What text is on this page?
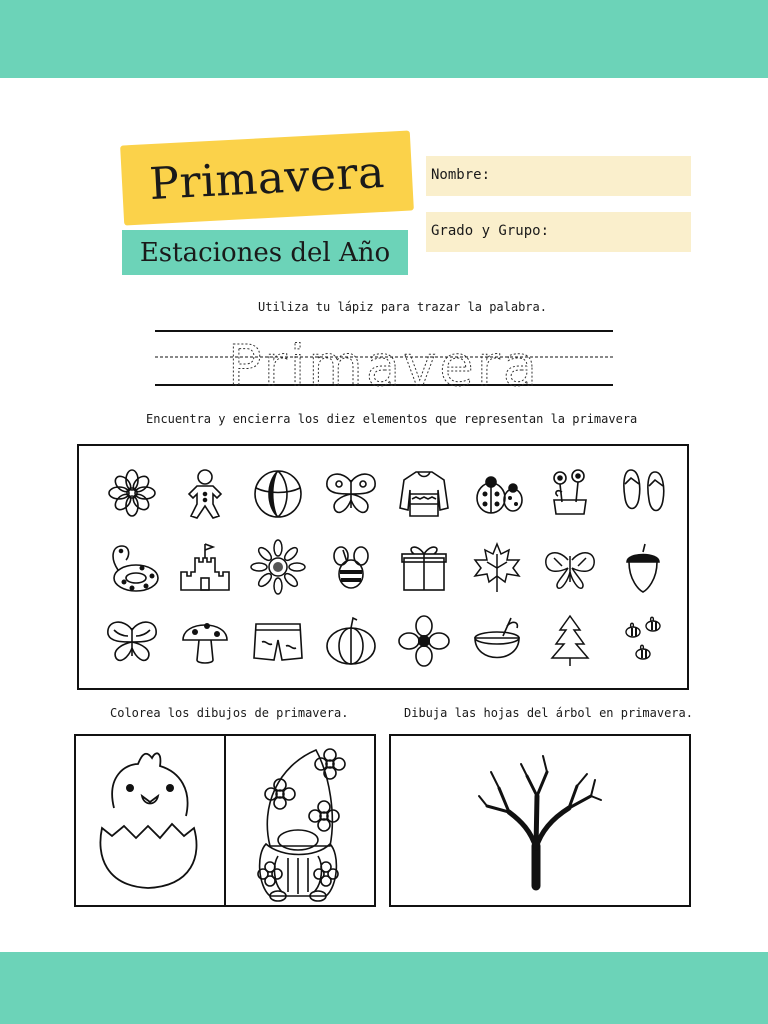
Primavera
Estaciones del Año
Nombre:
Grado y Grupo:
Utiliza tu lápiz para trazar la palabra.
Primavera
Encuentra y encierra los diez elementos que representan la primavera
Colorea los dibujos de primavera.	Dibuja las hojas del árbol en primavera.
